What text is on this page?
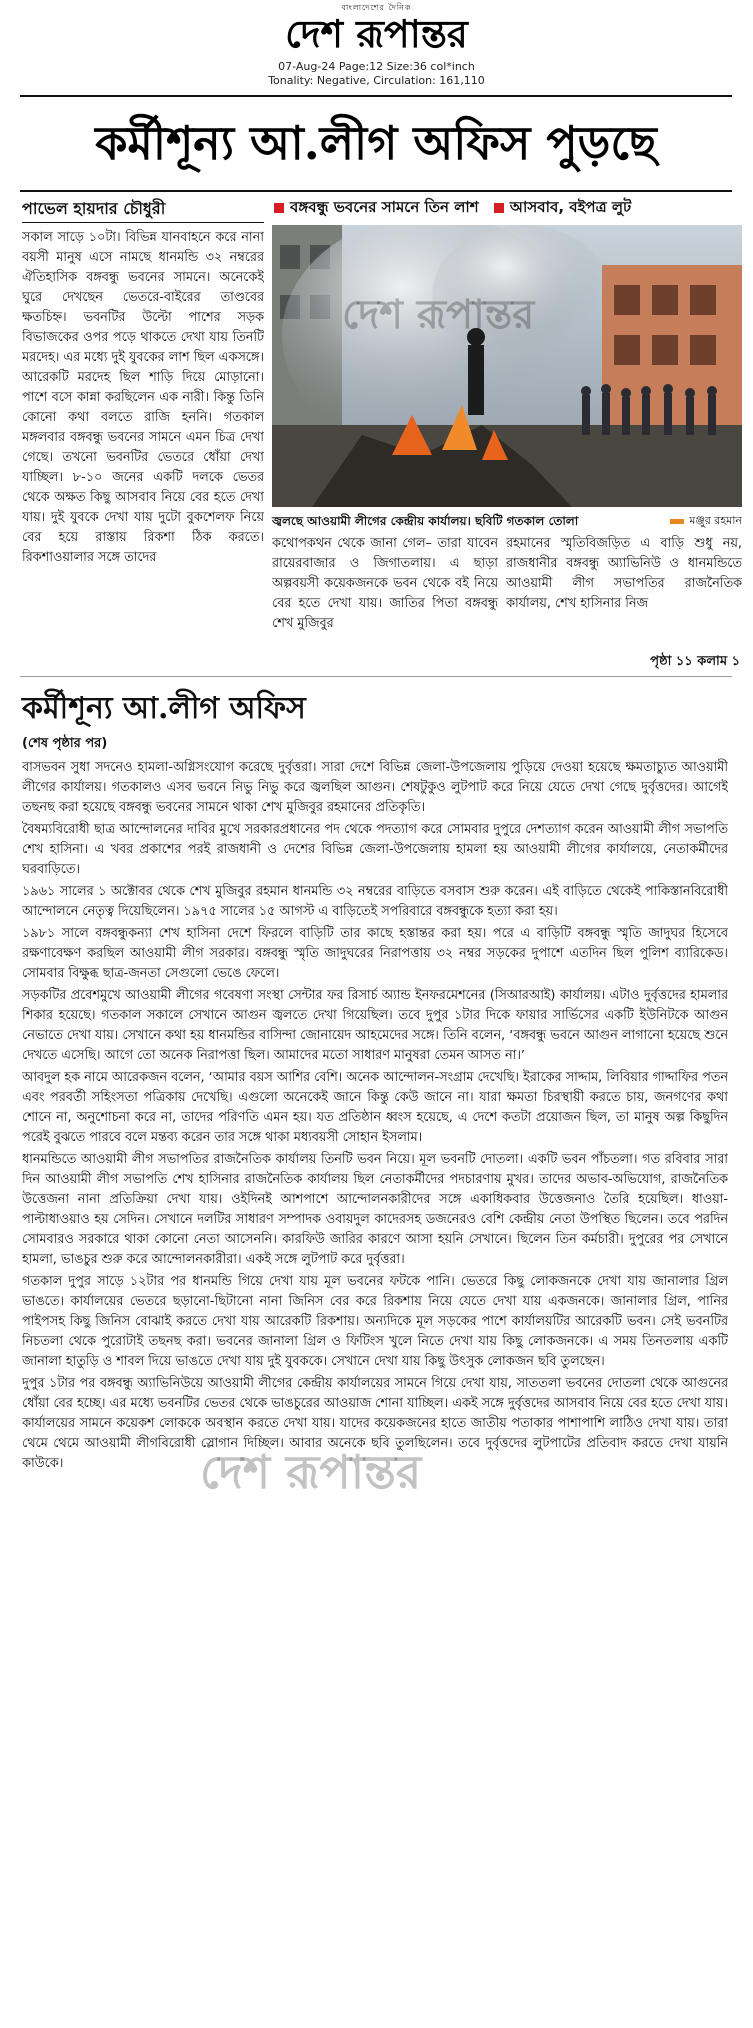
বাংলাদেশের দৈনিক
দেশ রূপান্তর
07-Aug-24 Page:12 Size:36 col*inch
Tonality: Negative, Circulation: 161,110
কর্মীশূন্য আ.লীগ অফিস পুড়ছে
পাভেল হায়দার চৌধুরী	বঙ্গবন্ধু ভবনের সামনে তিন লাশ আসবাব, বইপত্র লুট
সকাল সাড়ে ১০টা। বিভিন্ন যানবাহনে করে নানা বয়সী মানুষ এসে নামছে ধানমন্ডি ৩২ নম্বরের ঐতিহাসিক বঙ্গবন্ধু ভবনের সামনে। অনেকেই ঘুরে দেখছেন ভেতরে-বাইরের তাণ্ডবের ক্ষতচিহ্ন। ভবনটির উল্টো পাশের সড়ক বিভাজকের ওপর পড়ে থাকতে দেখা যায় তিনটি মরদেহ। এর মধ্যে দুই যুবকের লাশ ছিল একসঙ্গে। আরেকটি মরদেহ ছিল শাড়ি দিয়ে মোড়ানো। পাশে বসে কান্না করছিলেন এক নারী। কিন্তু তিনি কোনো কথা বলতে রাজি হননি। গতকাল মঙ্গলবার বঙ্গবন্ধু ভবনের সামনে এমন চিত্র দেখা গেছে। তখনো ভবনটির ভেতরে ধোঁয়া দেখা যাচ্ছিল। ৮-১০ জনের একটি দলকে ভেতর থেকে অক্ষত কিছু আসবাব নিয়ে বের হতে দেখা যায়। দুই যুবকে দেখা যায় দুটো বুকশেলফ নিয়ে বের হয়ে রাস্তায় রিকশা ঠিক করতে। রিকশাওয়ালার সঙ্গে তাদের
দেশ রূপান্তর
জ্বলছে আওয়ামী লীগের কেন্দ্রীয় কার্যালয়। ছবিটি গতকাল তোলা	মঞ্জুর রহমান
কথোপকথন থেকে জানা গেল– তারা যাবেন রায়েরবাজার ও জিগাতলায়। এ ছাড়া অল্পবয়সী কয়েকজনকে ভবন থেকে বই নিয়ে বের হতে দেখা যায়। জাতির পিতা বঙ্গবন্ধু শেখ মুজিবুর
রহমানের স্মৃতিবিজড়িত এ বাড়ি শুধু নয়, রাজধানীর বঙ্গবন্ধু অ্যাভিনিউ ও ধানমন্ডিতে আওয়ামী লীগ সভাপতির রাজনৈতিক কার্যালয়, শেখ হাসিনার নিজ
পৃষ্ঠা ১১ কলাম ১
কর্মীশূন্য আ.লীগ অফিস
(শেষ পৃষ্ঠার পর)

বাসভবন সুধা সদনেও হামলা-অগ্নিসংযোগ করেছে দুর্বৃত্তরা। সারা দেশে বিভিন্ন জেলা-উপজেলায় পুড়িয়ে দেওয়া হয়েছে ক্ষমতাচ্যুত আওয়ামী লীগের কার্যালয়। গতকালও এসব ভবনে নিভু নিভু করে জ্বলছিল আগুন। শেষটুকুও লুটপাট করে নিয়ে যেতে দেখা গেছে দুর্বৃত্তদের। আগেই তছনছ করা হয়েছে বঙ্গবন্ধু ভবনের সামনে থাকা শেখ মুজিবুর রহমানের প্রতিকৃতি।

বৈষম্যবিরোধী ছাত্র আন্দোলনের দাবির মুখে সরকারপ্রধানের পদ থেকে পদত্যাগ করে সোমবার দুপুরে দেশত্যাগ করেন আওয়ামী লীগ সভাপতি শেখ হাসিনা। এ খবর প্রকাশের পরই রাজধানী ও দেশের বিভিন্ন জেলা-উপজেলায় হামলা হয় আওয়ামী লীগের কার্যালয়ে, নেতাকর্মীদের ঘরবাড়িতে।

১৯৬১ সালের ১ অক্টোবর থেকে শেখ মুজিবুর রহমান ধানমন্ডি ৩২ নম্বরের বাড়িতে বসবাস শুরু করেন। এই বাড়িতে থেকেই পাকিস্তানবিরোধী আন্দোলনে নেতৃত্ব দিয়েছিলেন। ১৯৭৫ সালের ১৫ আগস্ট এ বাড়িতেই সপরিবারে বঙ্গবন্ধুকে হত্যা করা হয়।

১৯৮১ সালে বঙ্গবন্ধুকন্যা শেখ হাসিনা দেশে ফিরলে বাড়িটি তার কাছে হস্তান্তর করা হয়। পরে এ বাড়িটি বঙ্গবন্ধু স্মৃতি জাদুঘর হিসেবে রক্ষণাবেক্ষণ করছিল আওয়ামী লীগ সরকার। বঙ্গবন্ধু স্মৃতি জাদুঘরের নিরাপত্তায় ৩২ নম্বর সড়কের দুপাশে এতদিন ছিল পুলিশ ব্যারিকেড। সোমবার বিক্ষুব্ধ ছাত্র-জনতা সেগুলো ভেঙে ফেলে।

সড়কটির প্রবেশমুখে আওয়ামী লীগের গবেষণা সংস্থা সেন্টার ফর রিসার্চ অ্যান্ড ইনফরমেশনের (সিআরআই) কার্যালয়। এটাও দুর্বৃত্তদের হামলার শিকার হয়েছে। গতকাল সকালে সেখানে আগুন জ্বলতে দেখা গিয়েছিল। তবে দুপুর ১টার দিকে ফায়ার সার্ভিসের একটি ইউনিটকে আগুন নেভাতে দেখা যায়। সেখানে কথা হয় ধানমন্ডির বাসিন্দা জোনায়েদ আহমেদের সঙ্গে। তিনি বলেন, ‘বঙ্গবন্ধু ভবনে আগুন লাগানো হয়েছে শুনে দেখতে এসেছি। আগে তো অনেক নিরাপত্তা ছিল। আমাদের মতো সাধারণ মানুষরা তেমন আসত না।’

আবদুল হক নামে আরেকজন বলেন, ‘আমার বয়স আশির বেশি। অনেক আন্দোলন-সংগ্রাম দেখেছি। ইরাকের সাদ্দাম, লিবিয়ার গাদ্দাফির পতন এবং পরবর্তী সহিংসতা পত্রিকায় দেখেছি। এগুলো অনেকেই জানে কিন্তু কেউ জানে না। যারা ক্ষমতা চিরস্থায়ী করতে চায়, জনগণের কথা শোনে না, অনুশোচনা করে না, তাদের পরিণতি এমন হয়। যত প্রতিষ্ঠান ধ্বংস হয়েছে, এ দেশে কতটা প্রয়োজন ছিল, তা মানুষ অল্প কিছুদিন পরেই বুঝতে পারবে বলে মন্তব্য করেন তার সঙ্গে থাকা মধ্যবয়সী সোহান ইসলাম।

ধানমন্ডিতে আওয়ামী লীগ সভাপতির রাজনৈতিক কার্যালয় তিনটি ভবন নিয়ে। মূল ভবনটি দোতলা। একটি ভবন পাঁচতলা। গত রবিবার সারা দিন আওয়ামী লীগ সভাপতি শেখ হাসিনার রাজনৈতিক কার্যালয় ছিল নেতাকর্মীদের পদচারণায় মুখর। তাদের অভাব-অভিযোগ, রাজনৈতিক উত্তেজনা নানা প্রতিক্রিয়া দেখা যায়। ওইদিনই আশপাশে আন্দোলনকারীদের সঙ্গে একাধিকবার উত্তেজনাও তৈরি হয়েছিল। ধাওয়া-পাল্টাধাওয়াও হয় সেদিন। সেখানে দলটির সাধারণ সম্পাদক ওবায়দুল কাদেরসহ ডজনেরও বেশি কেন্দ্রীয় নেতা উপস্থিত ছিলেন। তবে পরদিন সোমবারও সরকারে থাকা কোনো নেতা আসেননি। কারফিউ জারির কারণে আসা হয়নি সেখানে। ছিলেন তিন কর্মচারী। দুপুরের পর সেখানে হামলা, ভাঙচুর শুরু করে আন্দোলনকারীরা। একই সঙ্গে লুটপাট করে দুর্বৃত্তরা।

গতকাল দুপুর সাড়ে ১২টার পর ধানমন্ডি গিয়ে দেখা যায় মূল ভবনের ফটকে পানি। ভেতরে কিছু লোকজনকে দেখা যায় জানালার গ্রিল ভাঙতে। কার্যালয়ের ভেতরে ছড়ানো-ছিটানো নানা জিনিস বের করে রিকশায় নিয়ে যেতে দেখা যায় একজনকে। জানালার গ্রিল, পানির পাইপসহ কিছু জিনিস বোঝাই করতে দেখা যায় আরেকটি রিকশায়। অন্যদিকে মূল সড়কের পাশে কার্যালয়টির আরেকটি ভবন। সেই ভবনটির নিচতলা থেকে পুরোটাই তছনছ করা। ভবনের জানালা গ্রিল ও ফিটিংস খুলে নিতে দেখা যায় কিছু লোকজনকে। এ সময় তিনতলায় একটি জানালা হাতুড়ি ও শাবল দিয়ে ভাঙতে দেখা যায় দুই যুবককে। সেখানে দেখা যায় কিছু উৎসুক লোকজন ছবি তুলছেন।

দুপুর ১টার পর বঙ্গবন্ধু অ্যাভিনিউয়ে আওয়ামী লীগের কেন্দ্রীয় কার্যালয়ের সামনে গিয়ে দেখা যায়, সাততলা ভবনের দোতলা থেকে আগুনের ধোঁয়া বের হচ্ছে। এর মধ্যে ভবনটির ভেতর থেকে ভাঙচুরের আওয়াজ শোনা যাচ্ছিল। একই সঙ্গে দুর্বৃত্তদের আসবাব নিয়ে বের হতে দেখা যায়। কার্যালয়ের সামনে কয়েকশ লোককে অবস্থান করতে দেখা যায়। যাদের কয়েকজনের হাতে জাতীয় পতাকার পাশাপাশি লাঠিও দেখা যায়। তারা থেমে থেমে আওয়ামী লীগবিরোধী স্লোগান দিচ্ছিল। আবার অনেকে ছবি তুলছিলেন। তবে দুর্বৃত্তদের লুটপাটের প্রতিবাদ করতে দেখা যায়নি কাউকে।	দেশ রূপান্তর
